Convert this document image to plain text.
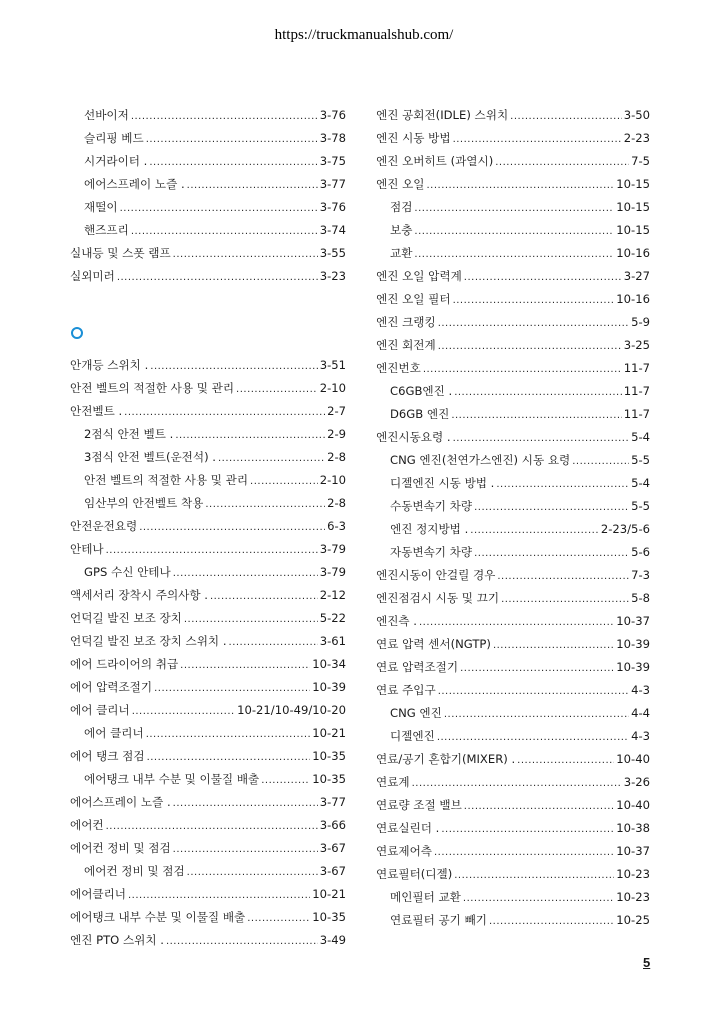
https://truckmanualshub.com/
선바이저 .....	3-76
슬리핑 베드 .....	3-78
시거라이터 . .....	3-75
에어스프레이 노즐 . .....	3-77
재떨이 .....	3-76
핸즈프리 .....	3-74
실내등 및 스폿 램프 .....	3-55
실외미러 .....	3-23
안개등 스위치 . .....	3-51
안전 벨트의 적절한 사용 및 관리 .....	2-10
안전벨트 . .....	2-7
2점식 안전 벨트 . .....	2-9
3점식 안전 벨트(운전석) . .....	2-8
안전 벨트의 적절한 사용 및 관리 .....	2-10
임산부의 안전벨트 착용 .....	2-8
안전운전요령 .....	6-3
안테나 .....	3-79
GPS 수신 안테나 .....	3-79
액세서리 장착시 주의사항 . .....	2-12
언덕길 발진 보조 장치 .....	5-22
언덕길 발진 보조 장치 스위치 . .....	3-61
에어 드라이어의 취급 .....	10-34
에어 압력조절기 .....	10-39
에어 클리너 .....	10-21/10-49/10-20
에어 클리너 .....	10-21
에어 탱크 점검 .....	10-35
에어탱크 내부 수분 및 이물질 배출 .....	10-35
에어스프레이 노즐 . .....	3-77
에어컨 .....	3-66
에어컨 정비 및 점검 .....	3-67
에어컨 정비 및 점검 .....	3-67
에어클리너 .....	10-21
에어탱크 내부 수분 및 이물질 배출 .....	10-35
엔진 PTO 스위치 . .....	3-49
엔진 공회전(IDLE) 스위치 .....	3-50
엔진 시동 방법 .....	2-23
엔진 오버히트 (과열시) .....	7-5
엔진 오일 .....	10-15
점검 .....	10-15
보충 .....	10-15
교환 .....	10-16
엔진 오일 압력계 .....	3-27
엔진 오일 필터 .....	10-16
엔진 크랭킹 .....	5-9
엔진 회전계 .....	3-25
엔진번호 .....	11-7
C6GB엔진 . .....	11-7
D6GB 엔진 .....	11-7
엔진시동요령 . .....	5-4
CNG 엔진(천연가스엔진) 시동 요령 .....	5-5
디젤엔진 시동 방법 . .....	5-4
수동변속기 차량 .....	5-5
엔진 정지방법 . .....	2-23/5-6
자동변속기 차량 .....	5-6
엔진시동이 안걸릴 경우 .....	7-3
엔진점검시 시동 및 끄기 .....	5-8
엔진측 . .....	10-37
연료 압력 센서(NGTP) .....	10-39
연료 압력조절기 .....	10-39
연료 주입구 .....	4-3
CNG 엔진 .....	4-4
디젤엔진 .....	4-3
연료/공기 혼합기(MIXER) . .....	10-40
연료계 .....	3-26
연료량 조절 밸브 .....	10-40
연료실린더 . .....	10-38
연료제어측 .....	10-37
연료필터(디젤) .....	10-23
메인필터 교환 .....	10-23
연료필터 공기 빼기 .....	10-25
5
